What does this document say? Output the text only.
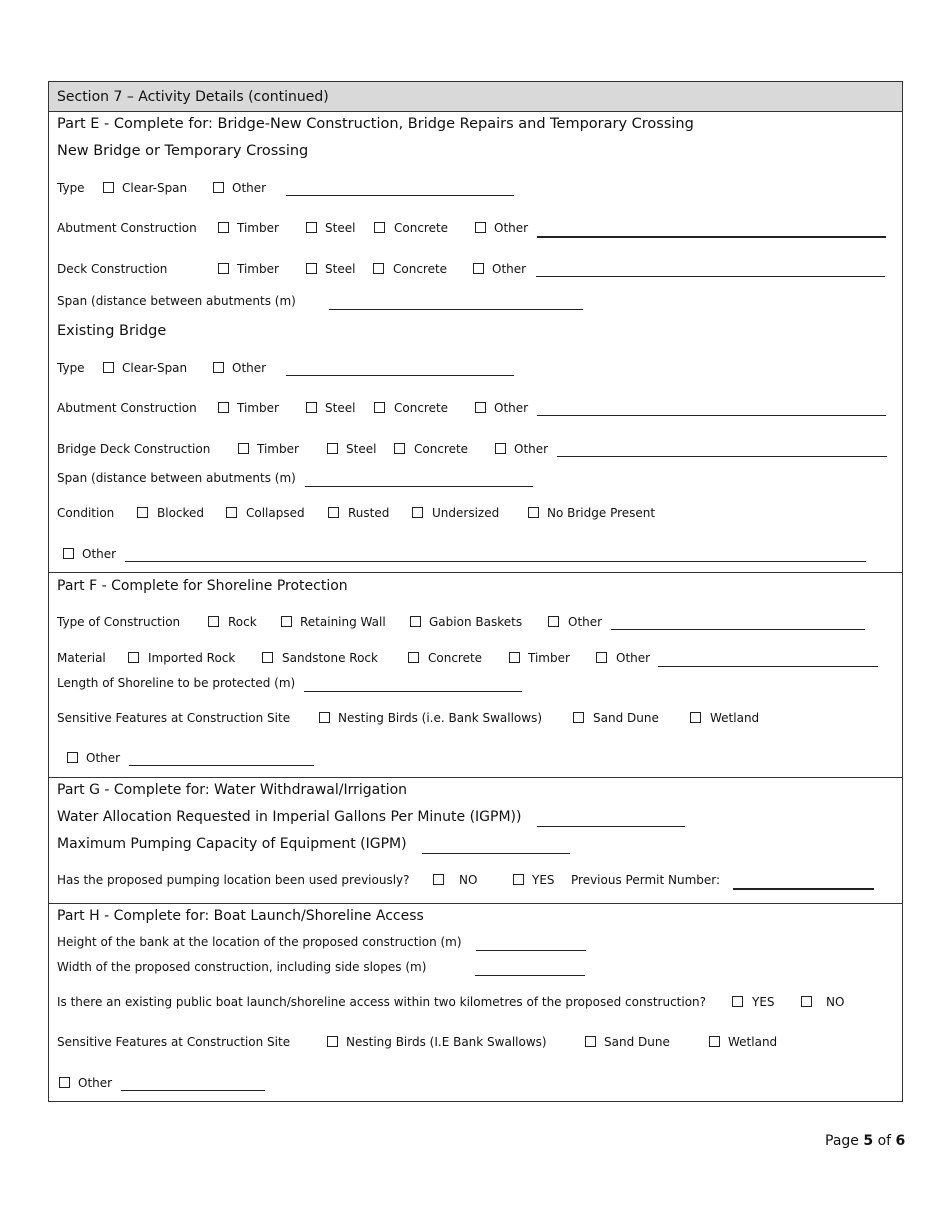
Section 7 – Activity Details (continued)
Part E - Complete for: Bridge-New Construction, Bridge Repairs and Temporary Crossing
New Bridge or Temporary Crossing
Type	Clear-Span	Other
Abutment Construction	Timber	Steel	Concrete	Other
Deck Construction	Timber	Steel	Concrete	Other
Span (distance between abutments (m)
Existing Bridge
Type	Clear-Span	Other
Abutment Construction	Timber	Steel	Concrete	Other
Bridge Deck Construction	Timber	Steel	Concrete	Other
Span (distance between abutments (m)
Condition	Blocked	Collapsed	Rusted	Undersized	No Bridge Present
Other
Part F - Complete for Shoreline Protection
Type of Construction	Rock	Retaining Wall	Gabion Baskets	Other
Material	Imported Rock	Sandstone Rock	Concrete	Timber	Other
Length of Shoreline to be protected (m)
Sensitive Features at Construction Site	Nesting Birds (i.e. Bank Swallows)	Sand Dune	Wetland
Other
Part G - Complete for: Water Withdrawal/Irrigation
Water Allocation Requested in Imperial Gallons Per Minute (IGPM))
Maximum Pumping Capacity of Equipment (IGPM)
Has the proposed pumping location been used previously?	NO	YES Previous Permit Number:
Part H - Complete for: Boat Launch/Shoreline Access
Height of the bank at the location of the proposed construction (m)
Width of the proposed construction, including side slopes (m)
Is there an existing public boat launch/shoreline access within two kilometres of the proposed construction?	YES	NO
Sensitive Features at Construction Site	Nesting Birds (I.E Bank Swallows)	Sand Dune	Wetland
Other
Page 5 of 6
